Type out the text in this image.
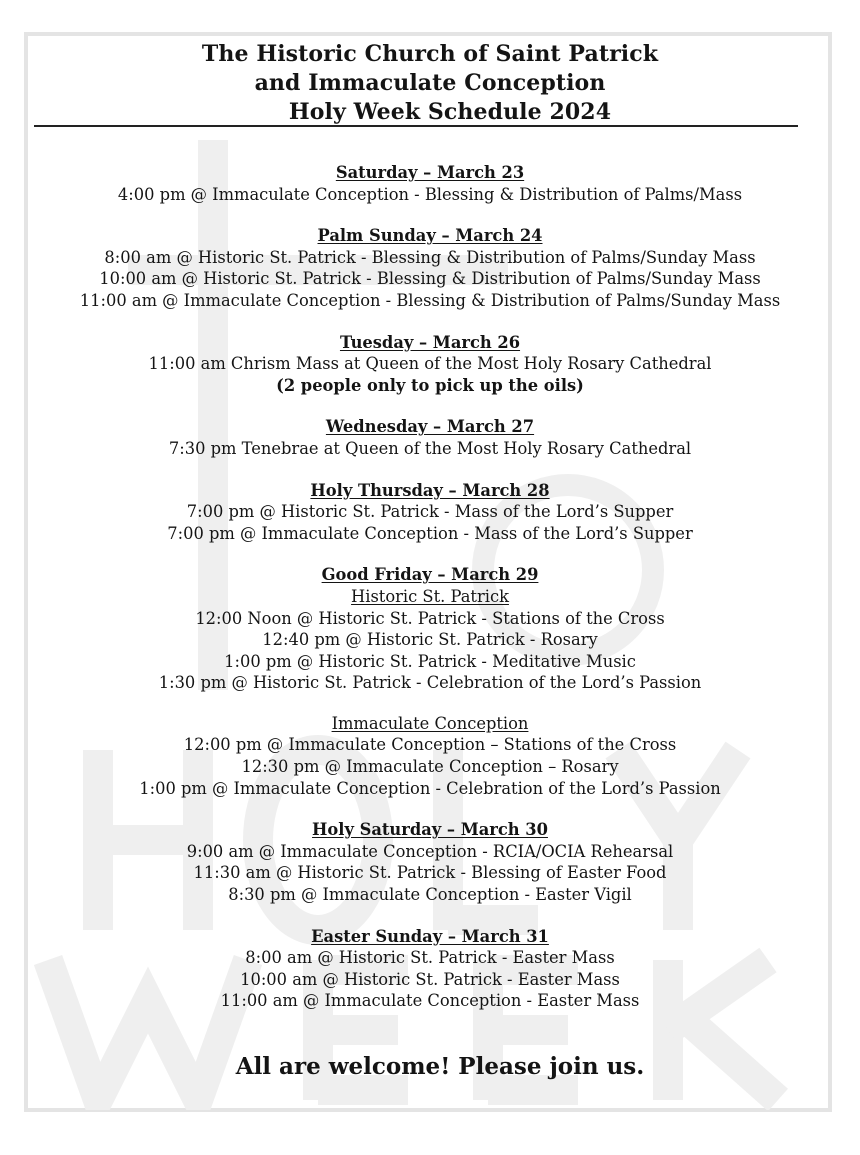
The Historic Church of Saint Patrick
and Immaculate Conception
Holy Week Schedule 2024
Saturday – March 23
4:00 pm @ Immaculate Conception - Blessing & Distribution of Palms/Mass
Palm Sunday – March 24
8:00 am @ Historic St. Patrick - Blessing & Distribution of Palms/Sunday Mass
10:00 am @ Historic St. Patrick - Blessing & Distribution of Palms/Sunday Mass
11:00 am @ Immaculate Conception - Blessing & Distribution of Palms/Sunday Mass
Tuesday – March 26
11:00 am Chrism Mass at Queen of the Most Holy Rosary Cathedral
(2 people only to pick up the oils)
Wednesday – March 27
7:30 pm Tenebrae at Queen of the Most Holy Rosary Cathedral
Holy Thursday – March 28
7:00 pm @ Historic St. Patrick - Mass of the Lord’s Supper
7:00 pm @ Immaculate Conception - Mass of the Lord’s Supper
Good Friday – March 29
Historic St. Patrick
12:00 Noon @ Historic St. Patrick - Stations of the Cross
12:40 pm @ Historic St. Patrick - Rosary
1:00 pm @ Historic St. Patrick - Meditative Music
1:30 pm @ Historic St. Patrick - Celebration of the Lord’s Passion
Immaculate Conception
12:00 pm @ Immaculate Conception – Stations of the Cross
12:30 pm @ Immaculate Conception – Rosary
1:00 pm @ Immaculate Conception - Celebration of the Lord’s Passion
Holy Saturday – March 30
9:00 am @ Immaculate Conception - RCIA/OCIA Rehearsal
11:30 am @ Historic St. Patrick - Blessing of Easter Food
8:30 pm @ Immaculate Conception - Easter Vigil
Easter Sunday – March 31
8:00 am @ Historic St. Patrick - Easter Mass
10:00 am @ Historic St. Patrick - Easter Mass
11:00 am @ Immaculate Conception - Easter Mass
All are welcome! Please join us.
